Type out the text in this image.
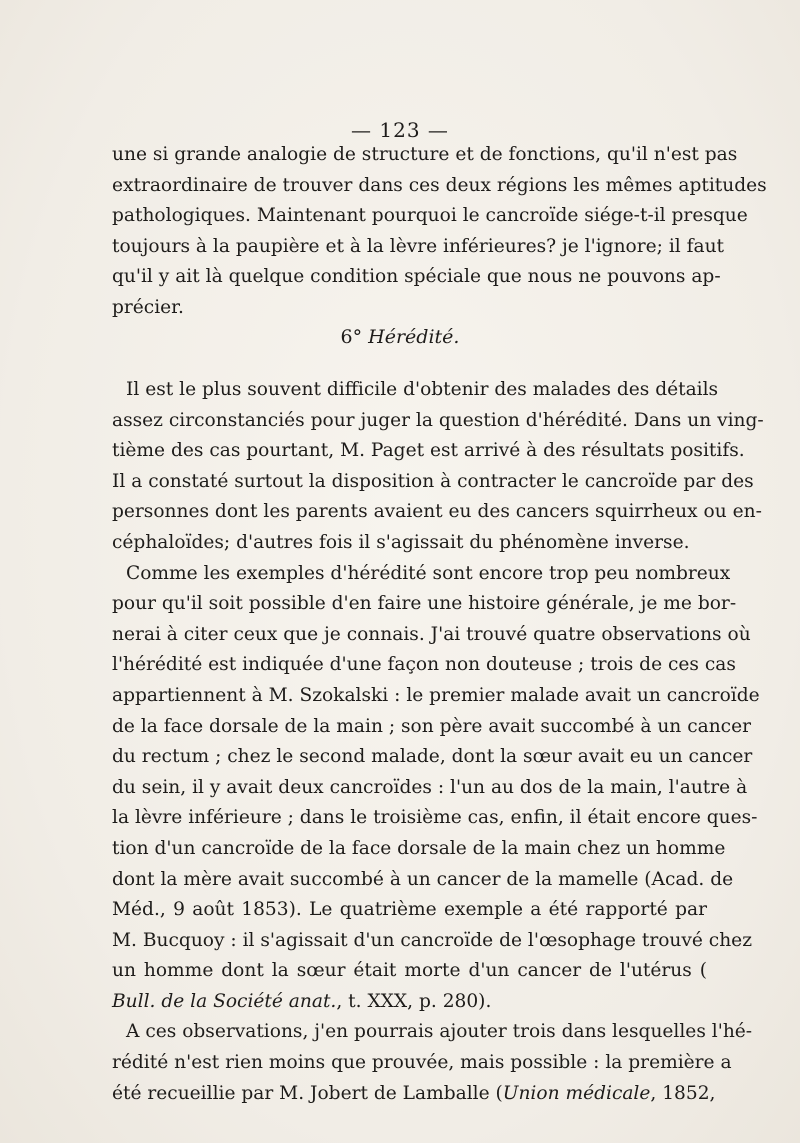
— 123 —
une si grande analogie de structure et de fonctions, qu'il n'est pas
extraordinaire de trouver dans ces deux régions les mêmes aptitudes
pathologiques. Maintenant pourquoi le cancroïde siége-t-il presque
toujours à la paupière et à la lèvre inférieures? je l'ignore; il faut
qu'il y ait là quelque condition spéciale que nous ne pouvons ap-
précier.
6° Hérédité.
Il est le plus souvent difficile d'obtenir des malades des détails
assez circonstanciés pour juger la question d'hérédité. Dans un ving-
tième des cas pourtant, M. Paget est arrivé à des résultats positifs.
Il a constaté surtout la disposition à contracter le cancroïde par des
personnes dont les parents avaient eu des cancers squirrheux ou en-
céphaloïdes; d'autres fois il s'agissait du phénomène inverse.
Comme les exemples d'hérédité sont encore trop peu nombreux
pour qu'il soit possible d'en faire une histoire générale, je me bor-
nerai à citer ceux que je connais. J'ai trouvé quatre observations où
l'hérédité est indiquée d'une façon non douteuse ; trois de ces cas
appartiennent à M. Szokalski : le premier malade avait un cancroïde
de la face dorsale de la main ; son père avait succombé à un cancer
du rectum ; chez le second malade, dont la sœur avait eu un cancer
du sein, il y avait deux cancroïdes : l'un au dos de la main, l'autre à
la lèvre inférieure ; dans le troisième cas, enfin, il était encore ques-
tion d'un cancroïde de la face dorsale de la main chez un homme
dont la mère avait succombé à un cancer de la mamelle (Acad. de
Méd., 9 août 1853). Le quatrième exemple a été rapporté par
M. Bucquoy : il s'agissait d'un cancroïde de l'œsophage trouvé chez
un homme dont la sœur était morte d'un cancer de l'utérus (
Bull. de la Société anat., t. XXX, p. 280).
A ces observations, j'en pourrais ajouter trois dans lesquelles l'hé-
rédité n'est rien moins que prouvée, mais possible : la première a
été recueillie par M. Jobert de Lamballe (Union médicale, 1852,
